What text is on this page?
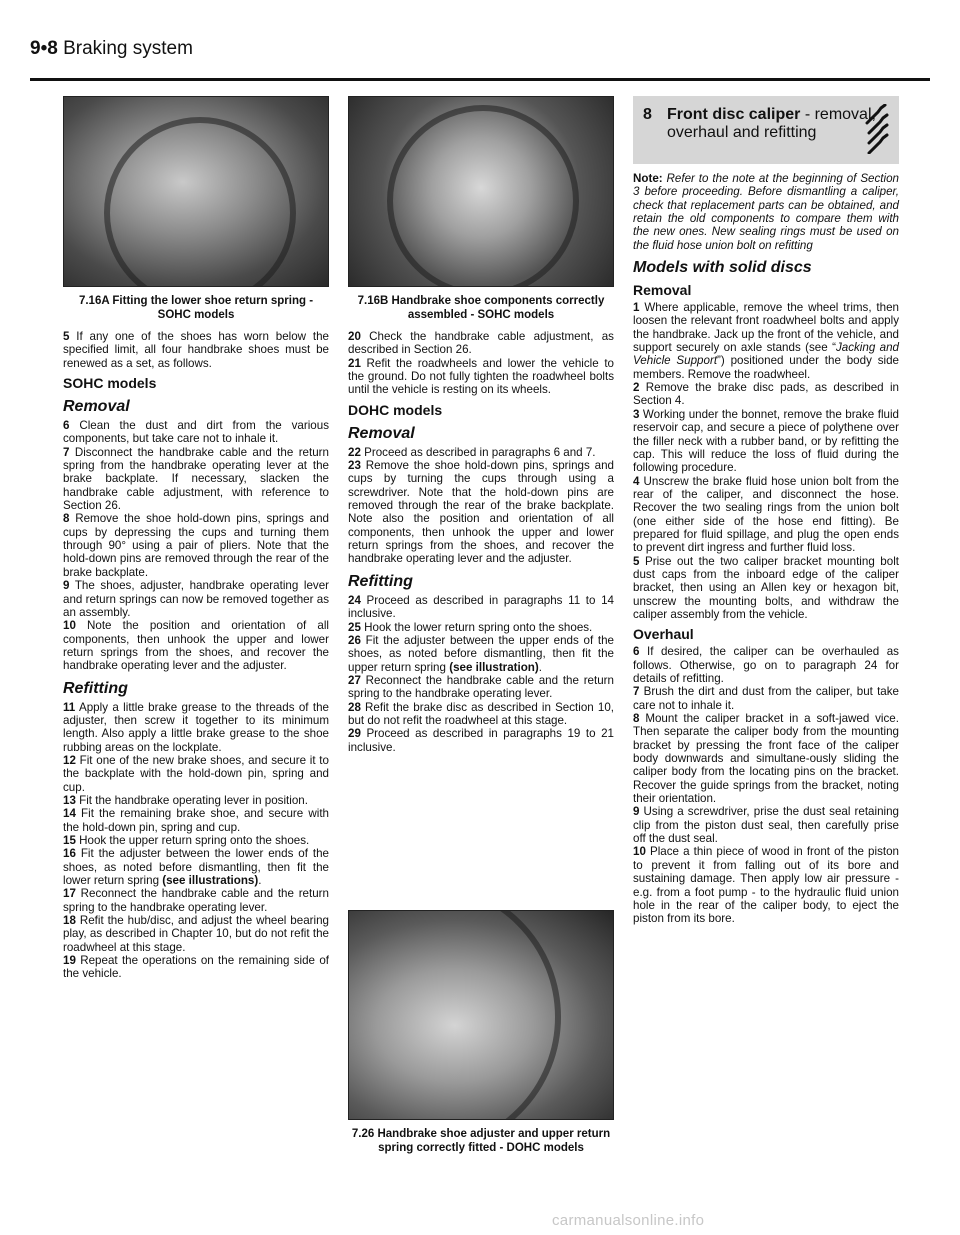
9•8 Braking system
7.16A Fitting the lower shoe return spring - SOHC models

5 If any one of the shoes has worn below the specified limit, all four handbrake shoes must be renewed as a set, as follows.

SOHC models
Removal

6 Clean the dust and dirt from the various components, but take care not to inhale it.

7 Disconnect the handbrake cable and the return spring from the handbrake operating lever at the brake backplate. If necessary, slacken the handbrake cable adjustment, with reference to Section 26.

8 Remove the shoe hold-down pins, springs and cups by depressing the cups and turning them through 90° using a pair of pliers. Note that the hold-down pins are removed through the rear of the brake backplate.

9 The shoes, adjuster, handbrake operating lever and return springs can now be removed together as an assembly.

10 Note the position and orientation of all components, then unhook the upper and lower return springs from the shoes, and recover the handbrake operating lever and the adjuster.

Refitting

11 Apply a little brake grease to the threads of the adjuster, then screw it together to its minimum length. Also apply a little brake grease to the shoe rubbing areas on the lockplate.

12 Fit one of the new brake shoes, and secure it to the backplate with the hold-down pin, spring and cup.

13 Fit the handbrake operating lever in position.

14 Fit the remaining brake shoe, and secure with the hold-down pin, spring and cup.

15 Hook the upper return spring onto the shoes.

16 Fit the adjuster between the lower ends of the shoes, as noted before dismantling, then fit the lower return spring (see illustrations).

17 Reconnect the handbrake cable and the return spring to the handbrake operating lever.

18 Refit the hub/disc, and adjust the wheel bearing play, as described in Chapter 10, but do not refit the roadwheel at this stage.

19 Repeat the operations on the remaining side of the vehicle.

7.16B Handbrake shoe components correctly assembled - SOHC models

20 Check the handbrake cable adjustment, as described in Section 26.

21 Refit the roadwheels and lower the vehicle to the ground. Do not fully tighten the roadwheel bolts until the vehicle is resting on its wheels.

DOHC models
Removal

22 Proceed as described in paragraphs 6 and 7.

23 Remove the shoe hold-down pins, springs and cups by turning the cups through using a screwdriver. Note that the hold-down pins are removed through the rear of the brake backplate. Note also the position and orientation of all components, then unhook the upper and lower return springs from the shoes, and recover the handbrake operating lever and the adjuster.

Refitting

24 Proceed as described in paragraphs 11 to 14 inclusive.

25 Hook the lower return spring onto the shoes.

26 Fit the adjuster between the upper ends of the shoes, as noted before dismantling, then fit the upper return spring (see illustration).

27 Reconnect the handbrake cable and the return spring to the handbrake operating lever.

28 Refit the brake disc as described in Section 10, but do not refit the roadwheel at this stage.

29 Proceed as described in paragraphs 19 to 21 inclusive.

7.26 Handbrake shoe adjuster and upper return spring correctly fitted - DOHC models
8 Front disc caliper - removal,
overhaul and refitting

Note: Refer to the note at the beginning of Section 3 before proceeding. Before dismantling a caliper, check that replacement parts can be obtained, and retain the old components to compare them with the new ones. New sealing rings must be used on the fluid hose union bolt on refitting

Models with solid discs
Removal

1 Where applicable, remove the wheel trims, then loosen the relevant front roadwheel bolts and apply the handbrake. Jack up the front of the vehicle, and support securely on axle stands (see “Jacking and Vehicle Support”) positioned under the body side members. Remove the roadwheel.

2 Remove the brake disc pads, as described in Section 4.

3 Working under the bonnet, remove the brake fluid reservoir cap, and secure a piece of polythene over the filler neck with a rubber band, or by refitting the cap. This will reduce the loss of fluid during the following procedure.

4 Unscrew the brake fluid hose union bolt from the rear of the caliper, and disconnect the hose. Recover the two sealing rings from the union bolt (one either side of the hose end fitting). Be prepared for fluid spillage, and plug the open ends to prevent dirt ingress and further fluid loss.

5 Prise out the two caliper bracket mounting bolt dust caps from the inboard edge of the caliper bracket, then using an Allen key or hexagon bit, unscrew the mounting bolts, and withdraw the caliper assembly from the vehicle.

Overhaul

6 If desired, the caliper can be overhauled as follows. Otherwise, go on to paragraph 24 for details of refitting.

7 Brush the dirt and dust from the caliper, but take care not to inhale it.

8 Mount the caliper bracket in a soft-jawed vice. Then separate the caliper body from the mounting bracket by pressing the front face of the caliper body downwards and simultane-ously sliding the caliper body from the locating pins on the bracket. Recover the guide springs from the bracket, noting their orientation.

9 Using a screwdriver, prise the dust seal retaining clip from the piston dust seal, then carefully prise off the dust seal.

10 Place a thin piece of wood in front of the piston to prevent it from falling out of its bore and sustaining damage. Then apply low air pressure - e.g. from a foot pump - to the hydraulic fluid union hole in the rear of the caliper body, to eject the piston from its bore.

carmanualsonline.info
